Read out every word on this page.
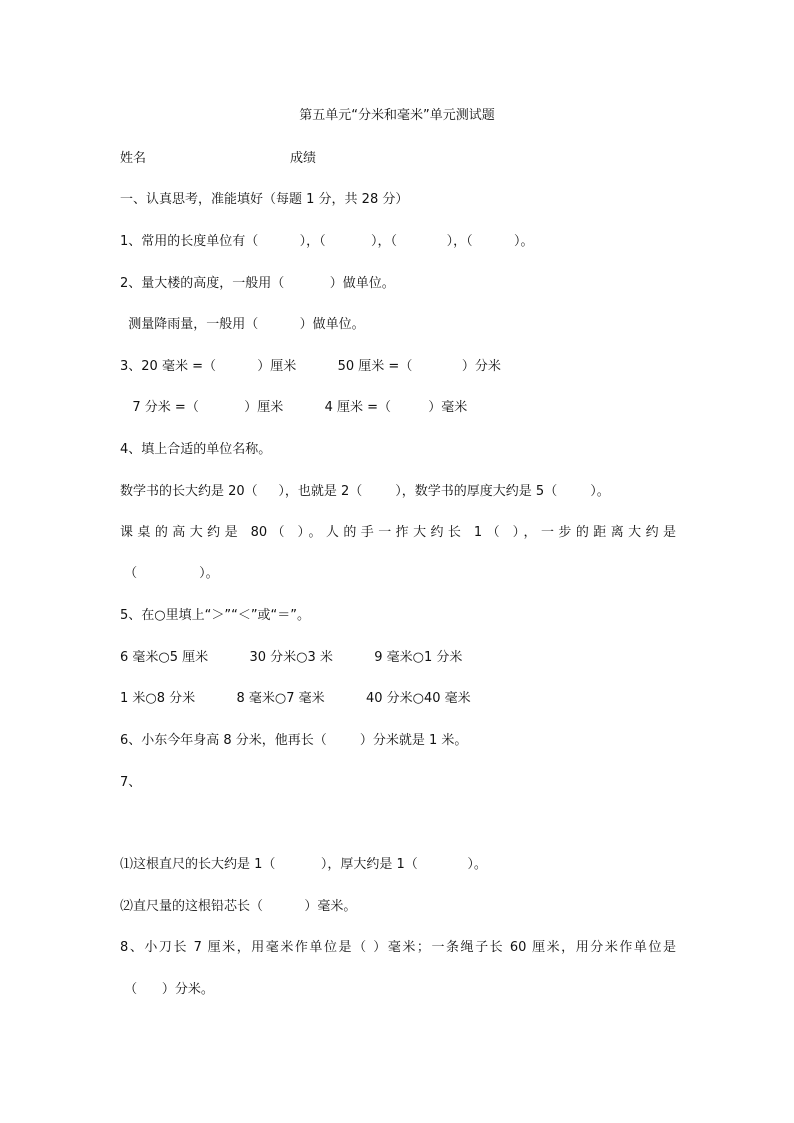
第五单元“分米和毫米”单元测试题
姓名	成绩
一、认真思考，准能填好（每题 1 分，共 28 分）
1、常用的长度单位有（          ），（           ），（            ），（          ）。
2、量大楼的高度，一般用（           ）做单位。
测量降雨量，一般用（          ）做单位。
3、20 毫米 =（          ）厘米          50 厘米 =（            ）分米
7 分米 =（           ）厘米          4 厘米 =（         ）毫米
4、填上合适的单位名称。
数学书的长大约是 20（     ），也就是 2（        ），数学书的厚度大约是 5（        ）。
课桌的高大约是 80（ ）。人的手一拃大约长 1（ ），一步的距离大约是
（               ）。
5、在○里填上“＞”“＜”或“＝”。
6 毫米○5 厘米          30 分米○3 米          9 毫米○1 分米
1 米○8 分米          8 毫米○7 毫米          40 分米○40 毫米
6、小东今年身高 8 分米，他再长（        ）分米就是 1 米。
7、
⑴这根直尺的长大约是 1（           ），厚大约是 1（            ）。
⑵直尺量的这根铅芯长（          ）毫米。
8、小刀长 7 厘米，用毫米作单位是（ ）毫米；一条绳子长 60 厘米，用分米作单位是
（      ）分米。
